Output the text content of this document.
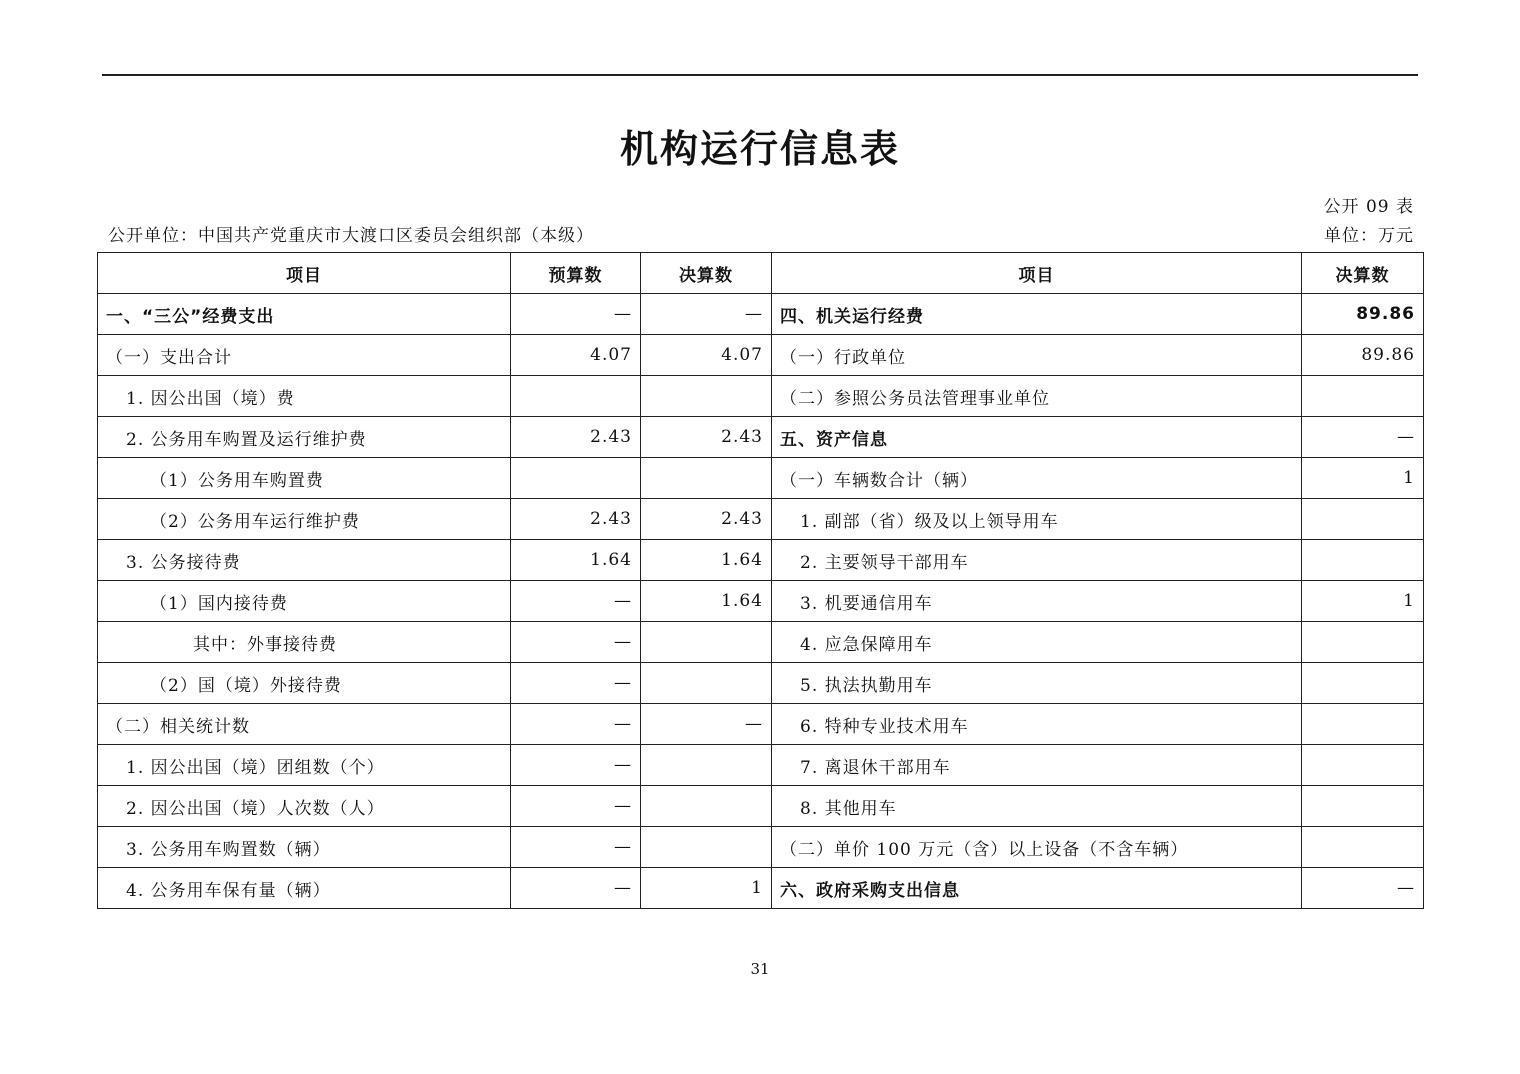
机构运行信息表
公开 09 表
公开单位：中国共产党重庆市大渡口区委员会组织部（本级）	单位：万元
项目	预算数	决算数	项目	决算数
一、“三公”经费支出	—	—	四、机关运行经费	89.86
（一）支出合计	4.07	4.07	（一）行政单位	89.86
1. 因公出国（境）费			（二）参照公务员法管理事业单位	
2. 公务用车购置及运行维护费	2.43	2.43	五、资产信息	—
（1）公务用车购置费			（一）车辆数合计（辆）	1
（2）公务用车运行维护费	2.43	2.43	1. 副部（省）级及以上领导用车	
3. 公务接待费	1.64	1.64	2. 主要领导干部用车	
（1）国内接待费	—	1.64	3. 机要通信用车	1
其中：外事接待费	—		4. 应急保障用车	
（2）国（境）外接待费	—		5. 执法执勤用车	
（二）相关统计数	—	—	6. 特种专业技术用车	
1. 因公出国（境）团组数（个）	—		7. 离退休干部用车	
2. 因公出国（境）人次数（人）	—		8. 其他用车	
3. 公务用车购置数（辆）	—		（二）单价 100 万元（含）以上设备（不含车辆）	
4. 公务用车保有量（辆）	—	1	六、政府采购支出信息	—
31
